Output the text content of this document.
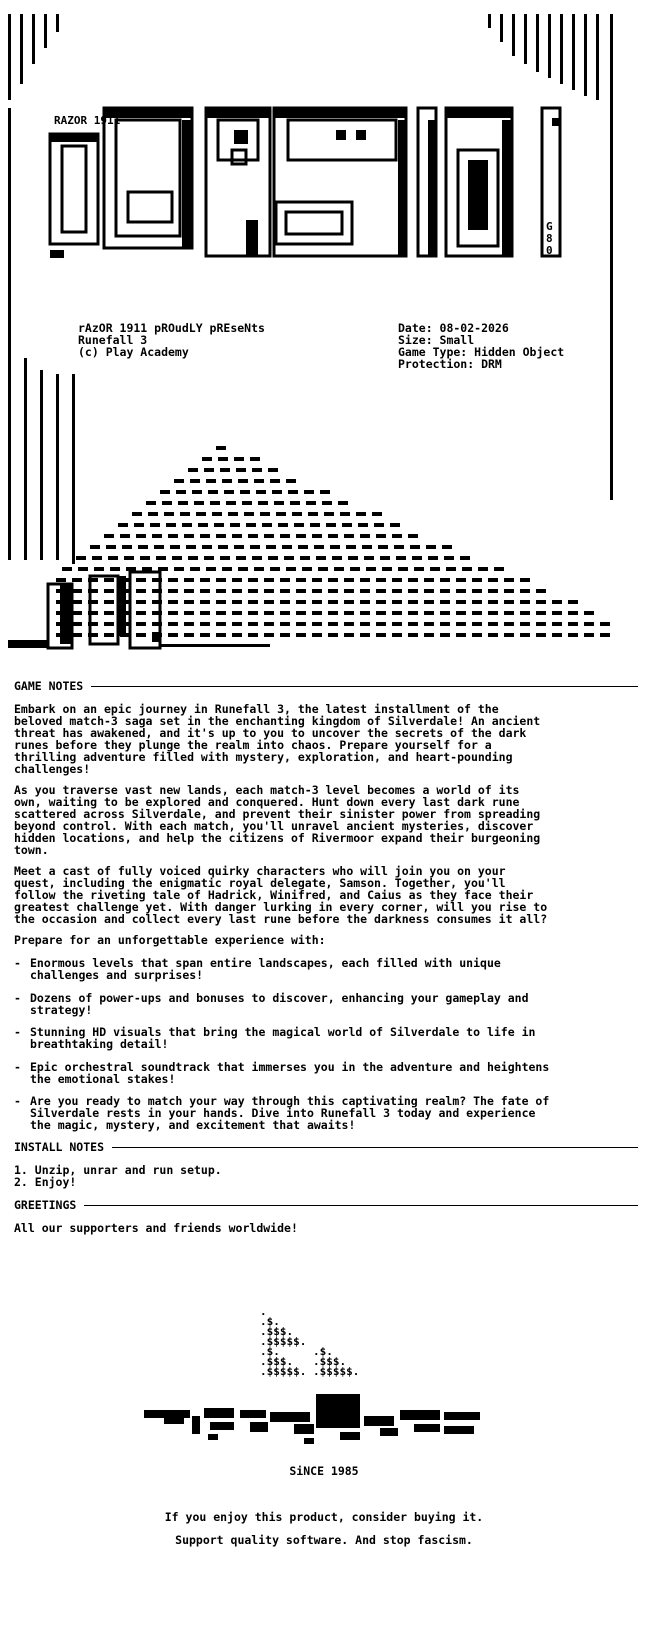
RAZOR 1911
G
8
0
rAzOR 1911 pROudLY pREseNts
Runefall 3
(c) Play Academy
Date: 08-02-2026
Size: Small
Game Type: Hidden Object
Protection: DRM
GAME NOTES
Embark on an epic journey in Runefall 3, the latest installment of the
beloved match-3 saga set in the enchanting kingdom of Silverdale! An ancient
threat has awakened, and it's up to you to uncover the secrets of the dark
runes before they plunge the realm into chaos. Prepare yourself for a
thrilling adventure filled with mystery, exploration, and heart-pounding
challenges!
As you traverse vast new lands, each match-3 level becomes a world of its
own, waiting to be explored and conquered. Hunt down every last dark rune
scattered across Silverdale, and prevent their sinister power from spreading
beyond control. With each match, you'll unravel ancient mysteries, discover
hidden locations, and help the citizens of Rivermoor expand their burgeoning
town.
Meet a cast of fully voiced quirky characters who will join you on your
quest, including the enigmatic royal delegate, Samson. Together, you'll
follow the riveting tale of Hadrick, Winifred, and Caius as they face their
greatest challenge yet. With danger lurking in every corner, will you rise to
the occasion and collect every last rune before the darkness consumes it all?
Prepare for an unforgettable experience with:
- Enormous levels that span entire landscapes, each filled with unique
challenges and surprises!
- Dozens of power-ups and bonuses to discover, enhancing your gameplay and
strategy!
- Stunning HD visuals that bring the magical world of Silverdale to life in
breathtaking detail!
- Epic orchestral soundtrack that immerses you in the adventure and heightens
the emotional stakes!
- Are you ready to match your way through this captivating realm? The fate of
Silverdale rests in your hands. Dive into Runefall 3 today and experience
the magic, mystery, and excitement that awaits!
INSTALL NOTES
1. Unzip, unrar and run setup.
2. Enjoy!
GREETINGS
All our supporters and friends worldwide!
.
.$.
.$$$.
.$$$$$.
.$.     .$.
.$$$.   .$$$.
.$$$$$. .$$$$$.
SiNCE 1985
If you enjoy this product, consider buying it.
Support quality software. And stop fascism.
